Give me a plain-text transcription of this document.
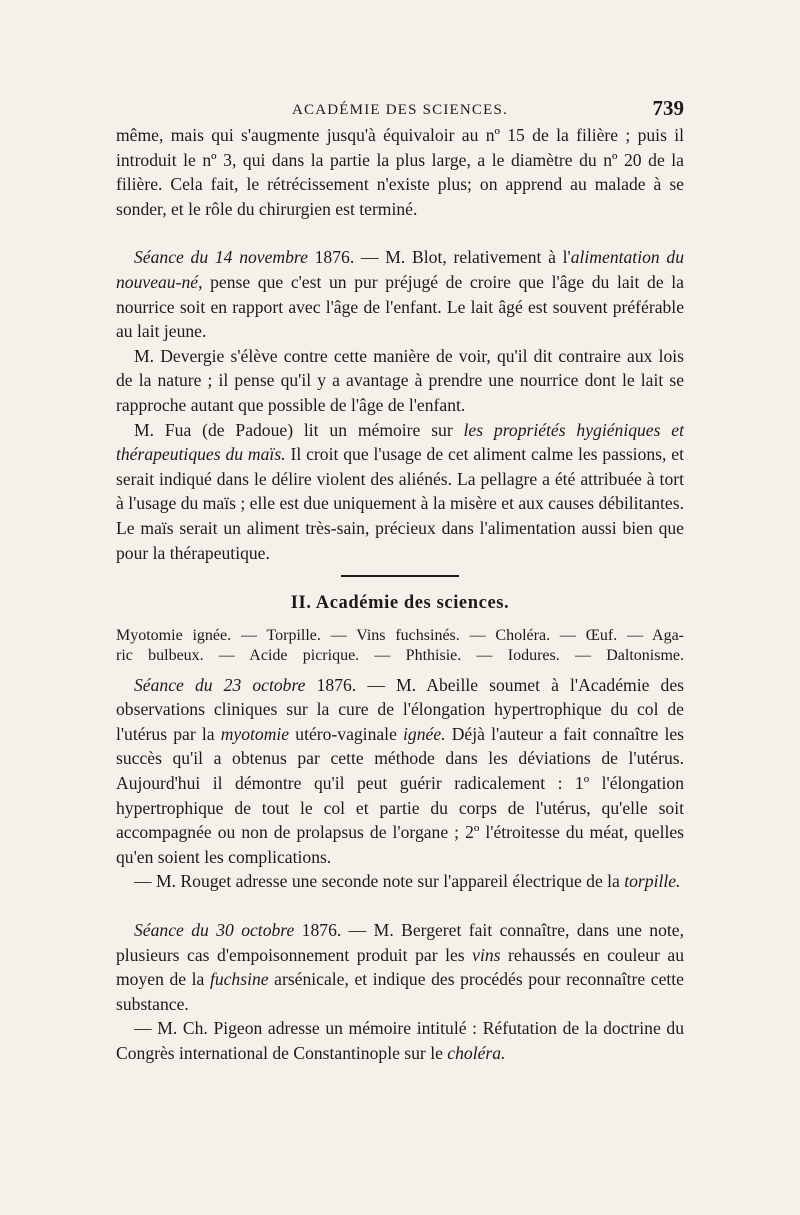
ACADÉMIE DES SCIENCES.	739

même, mais qui s'augmente jusqu'à équivaloir au nº 15 de la filière ; puis il introduit le nº 3, qui dans la partie la plus large, a le diamètre du nº 20 de la filière. Cela fait, le rétrécissement n'existe plus; on apprend au malade à se sonder, et le rôle du chirurgien est terminé.

Séance du 14 novembre 1876. — M. Blot, relativement à l'alimentation du nouveau-né, pense que c'est un pur préjugé de croire que l'âge du lait de la nourrice soit en rapport avec l'âge de l'enfant. Le lait âgé est souvent préférable au lait jeune.

M. Devergie s'élève contre cette manière de voir, qu'il dit contraire aux lois de la nature ; il pense qu'il y a avantage à prendre une nourrice dont le lait se rapproche autant que possible de l'âge de l'enfant.

M. Fua (de Padoue) lit un mémoire sur les propriétés hygiéniques et thérapeutiques du maïs. Il croit que l'usage de cet aliment calme les passions, et serait indiqué dans le délire violent des aliénés. La pellagre a été attribuée à tort à l'usage du maïs ; elle est due uniquement à la misère et aux causes débilitantes. Le maïs serait un aliment très-sain, précieux dans l'alimentation aussi bien que pour la thérapeutique.

II. Académie des sciences.

Myotomie ignée. — Torpille. — Vins fuchsinés. — Choléra. — Œuf. — Aga-

ric bulbeux. — Acide picrique. — Phthisie. — Iodures. — Daltonisme.

Séance du 23 octobre 1876. — M. Abeille soumet à l'Académie des observations cliniques sur la cure de l'élongation hypertrophique du col de l'utérus par la myotomie utéro-vaginale ignée. Déjà l'auteur a fait connaître les succès qu'il a obtenus par cette méthode dans les déviations de l'utérus. Aujourd'hui il démontre qu'il peut guérir radicalement : 1º l'élongation hypertrophique de tout le col et partie du corps de l'utérus, qu'elle soit accompagnée ou non de prolapsus de l'organe ; 2º l'étroitesse du méat, quelles qu'en soient les complications.

— M. Rouget adresse une seconde note sur l'appareil électrique de la torpille.

Séance du 30 octobre 1876. — M. Bergeret fait connaître, dans une note, plusieurs cas d'empoisonnement produit par les vins rehaussés en couleur au moyen de la fuchsine arsénicale, et indique des procédés pour reconnaître cette substance.

— M. Ch. Pigeon adresse un mémoire intitulé : Réfutation de la doctrine du Congrès international de Constantinople sur le choléra.
